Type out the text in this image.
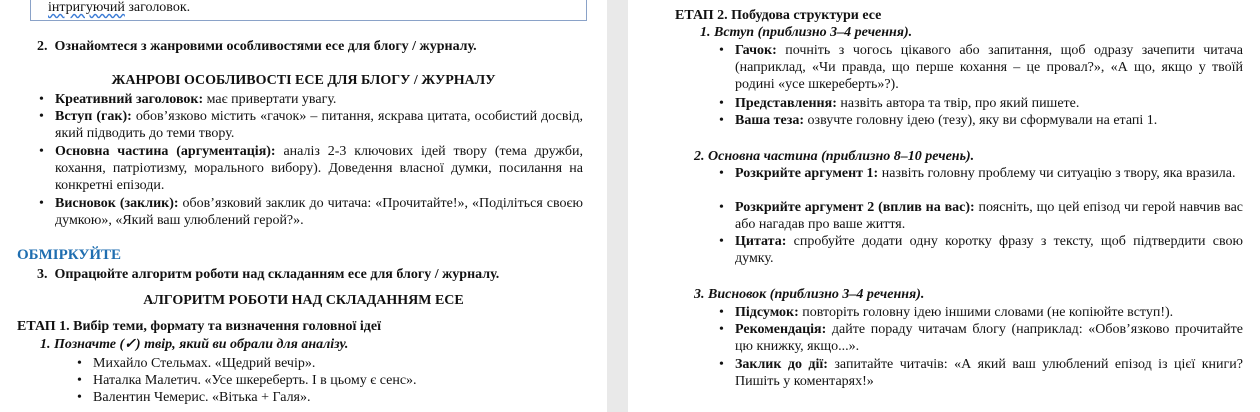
інтригуючий заголовок.
2. Ознайомтеся з жанровими особливостями есе для блогу / журналу.
ЖАНРОВІ ОСОБЛИВОСТІ ЕСЕ ДЛЯ БЛОГУ / ЖУРНАЛУ
• Креативний заголовок: має привертати увагу.
• Вступ (гак): обов’язково містить «гачок» – питання, яскрава цитата, особистий досвід, який підводить до теми твору.
• Основна частина (аргументація): аналіз 2-3 ключових ідей твору (тема дружби, кохання, патріотизму, морального вибору). Доведення власної думки, посилання на конкретні епізоди.
• Висновок (заклик): обов’язковий заклик до читача: «Прочитайте!», «Поділіться своєю думкою», «Який ваш улюблений герой?».
ОБМІРКУЙТЕ
3. Опрацюйте алгоритм роботи над складанням есе для блогу / журналу.
АЛГОРИТМ РОБОТИ НАД СКЛАДАННЯМ ЕСЕ
ЕТАП 1. Вибір теми, формату та визначення головної ідеї
1. Позначте (✓) твір, який ви обрали для аналізу.
• Михайло Стельмах. «Щедрий вечір».
• Наталка Малетич. «Усе шкереберть. І в цьому є сенс».
• Валентин Чемерис. «Вітька + Галя».
ЕТАП 2. Побудова структури есе
1. Вступ (приблизно 3–4 речення).
• Гачок: почніть з чогось цікавого або запитання, щоб одразу зачепити читача (наприклад, «Чи правда, що перше кохання – це провал?», «А що, якщо у твоїй родині «усе шкереберть»?).
• Представлення: назвіть автора та твір, про який пишете.
• Ваша теза: озвучте головну ідею (тезу), яку ви сформували на етапі 1.
2. Основна частина (приблизно 8–10 речень).
• Розкрийте аргумент 1: назвіть головну проблему чи ситуацію з твору, яка вразила.
• Розкрийте аргумент 2 (вплив на вас): поясніть, що цей епізод чи герой навчив вас або нагадав про ваше життя.
• Цитата: спробуйте додати одну коротку фразу з тексту, щоб підтвердити свою думку.
3. Висновок (приблизно 3–4 речення).
• Підсумок: повторіть головну ідею іншими словами (не копіюйте вступ!).
• Рекомендація: дайте пораду читачам блогу (наприклад: «Обов’язково прочитайте цю книжку, якщо...».
• Заклик до дії: запитайте читачів: «А який ваш улюблений епізод із цієї книги? Пишіть у коментарях!»
